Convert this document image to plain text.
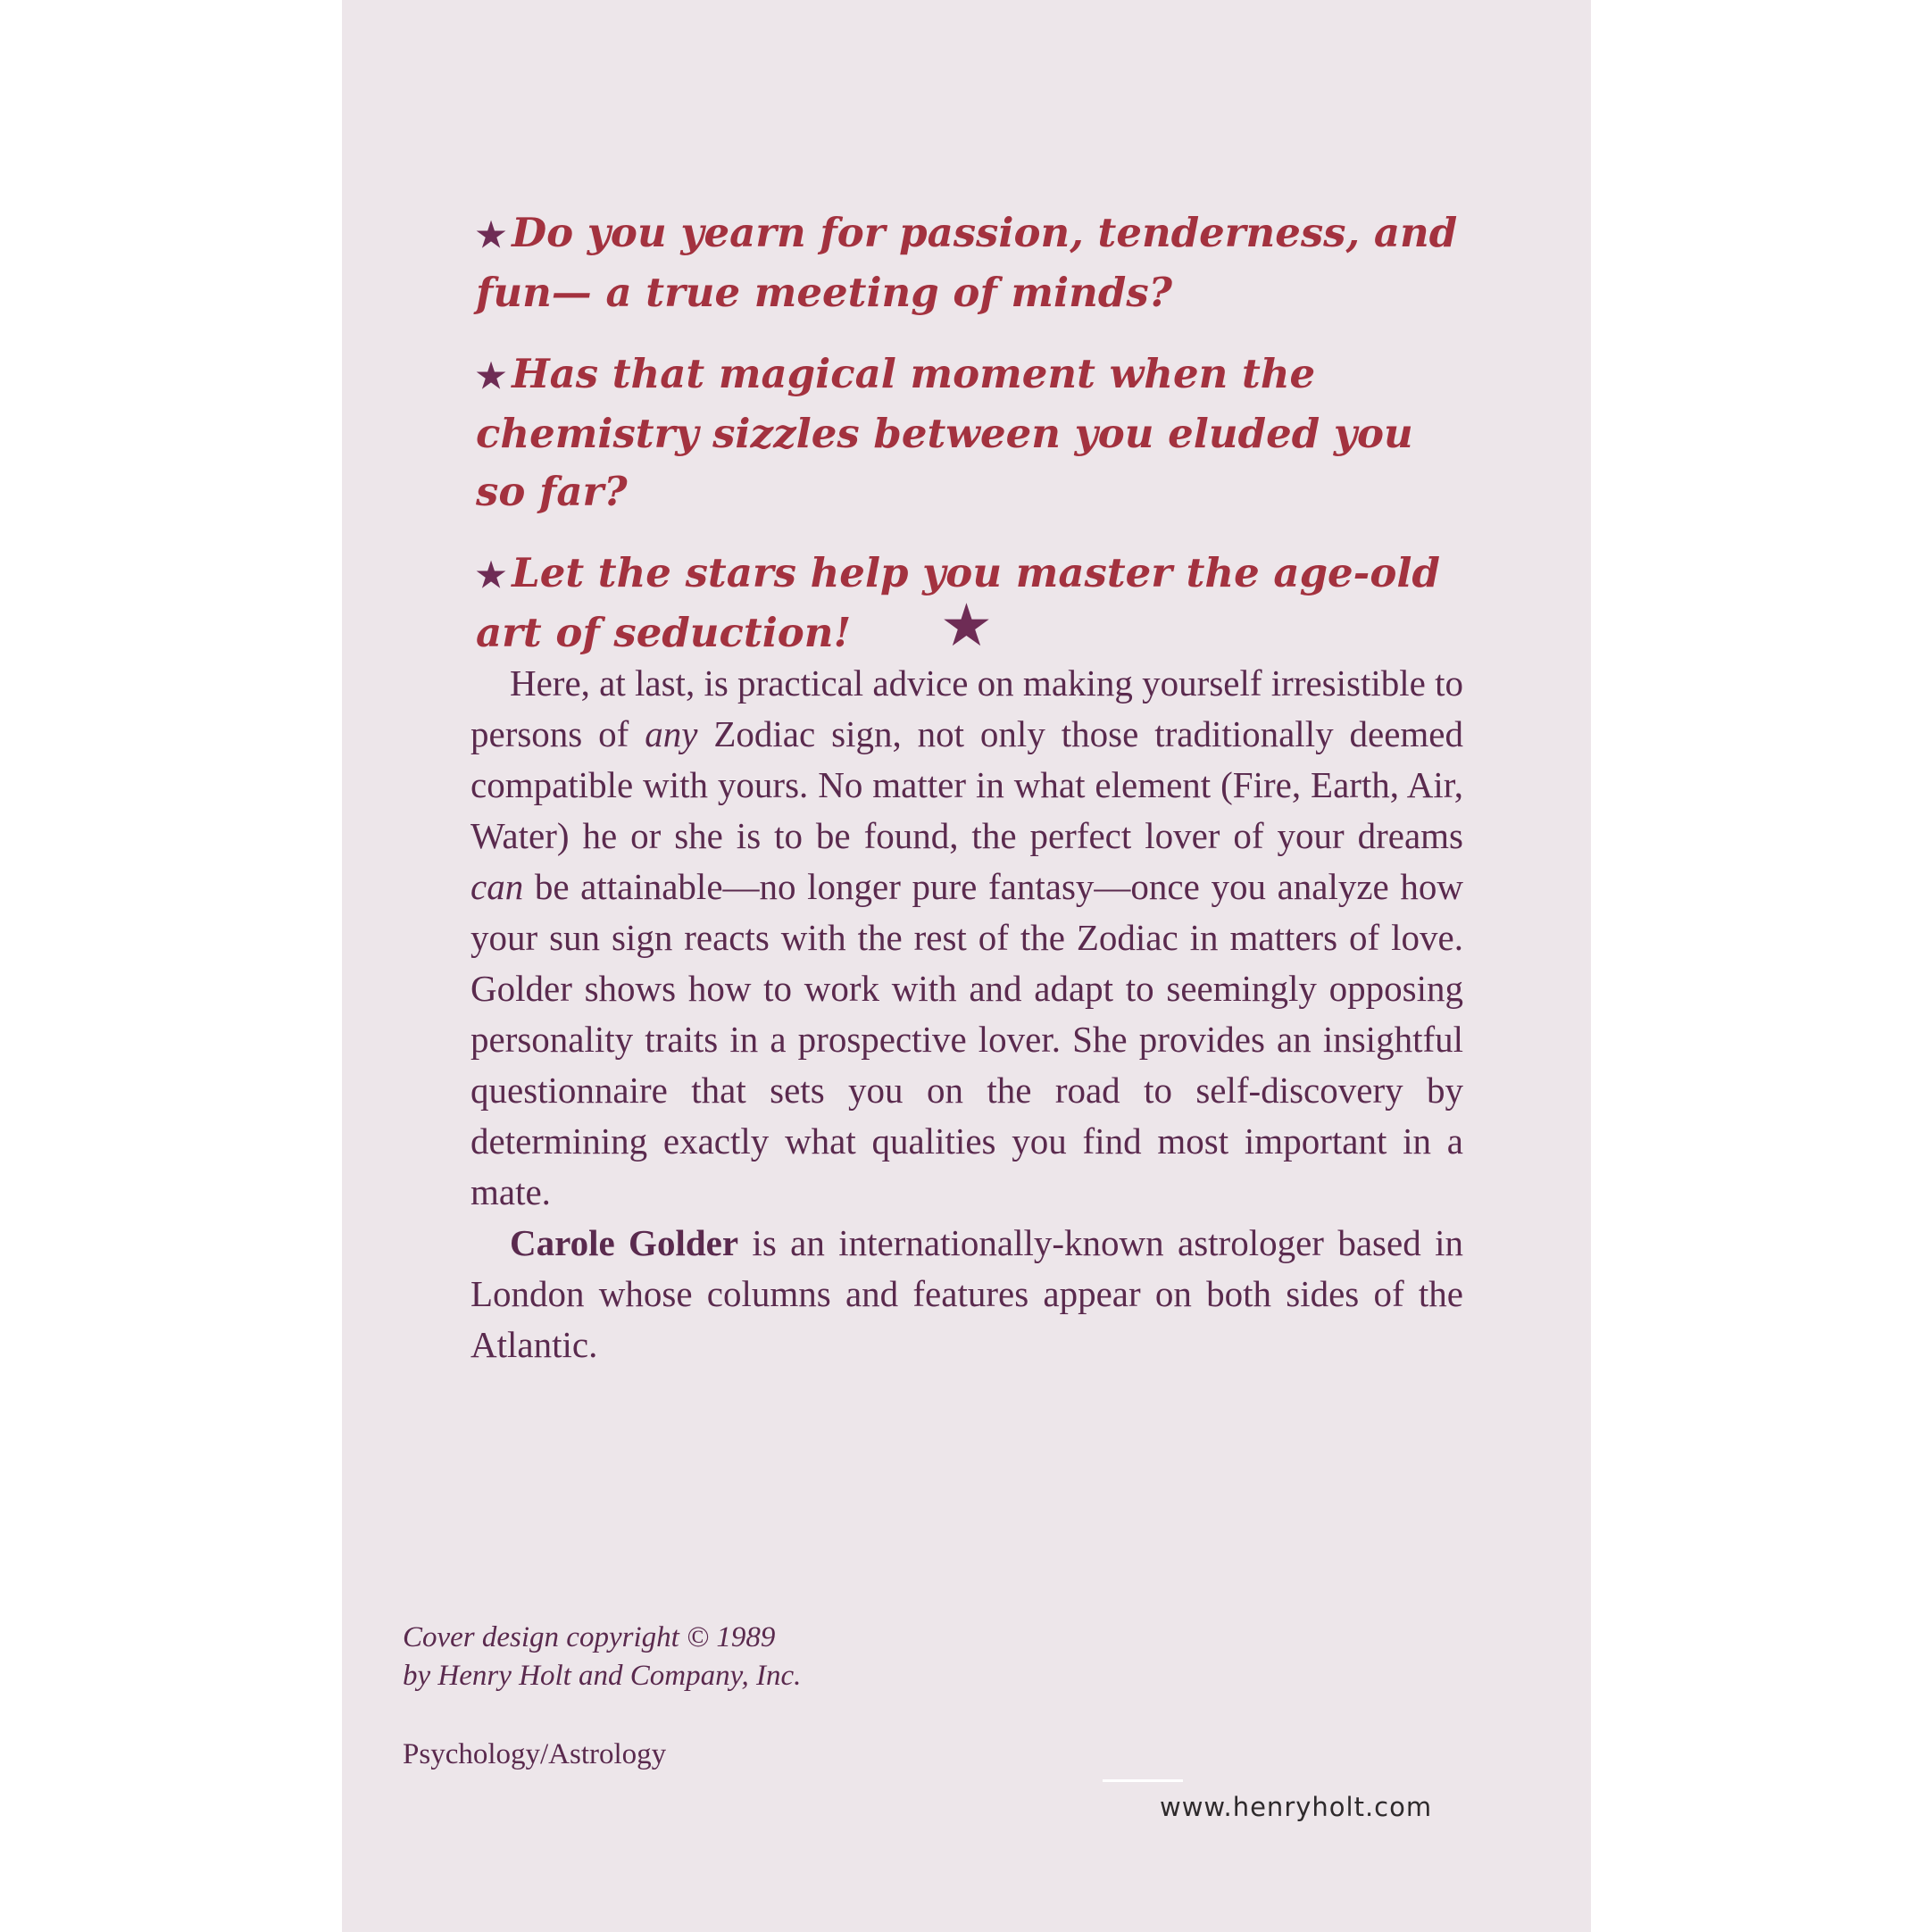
★ Do you yearn for passion, tenderness, and fun— a true meeting of minds?
★ Has that magical moment when the chemistry sizzles between you eluded you so far?
★ Let the stars help you master the age-old art of seduction!	★

Here, at last, is practical advice on making yourself irresistible to persons of any Zodiac sign, not only those traditionally deemed compatible with yours. No matter in what element (Fire, Earth, Air, Water) he or she is to be found, the perfect lover of your dreams can be attainable—no longer pure fantasy—once you analyze how your sun sign reacts with the rest of the Zodiac in matters of love. Golder shows how to work with and adapt to seemingly opposing personality traits in a prospective lover. She provides an insightful questionnaire that sets you on the road to self-discovery by determining exactly what qualities you find most important in a mate.

Carole Golder is an internationally-known astrologer based in London whose columns and features appear on both sides of the Atlantic.

Cover design copyright © 1989
by Henry Holt and Company, Inc.
Psychology/Astrology
www.henryholt.com
